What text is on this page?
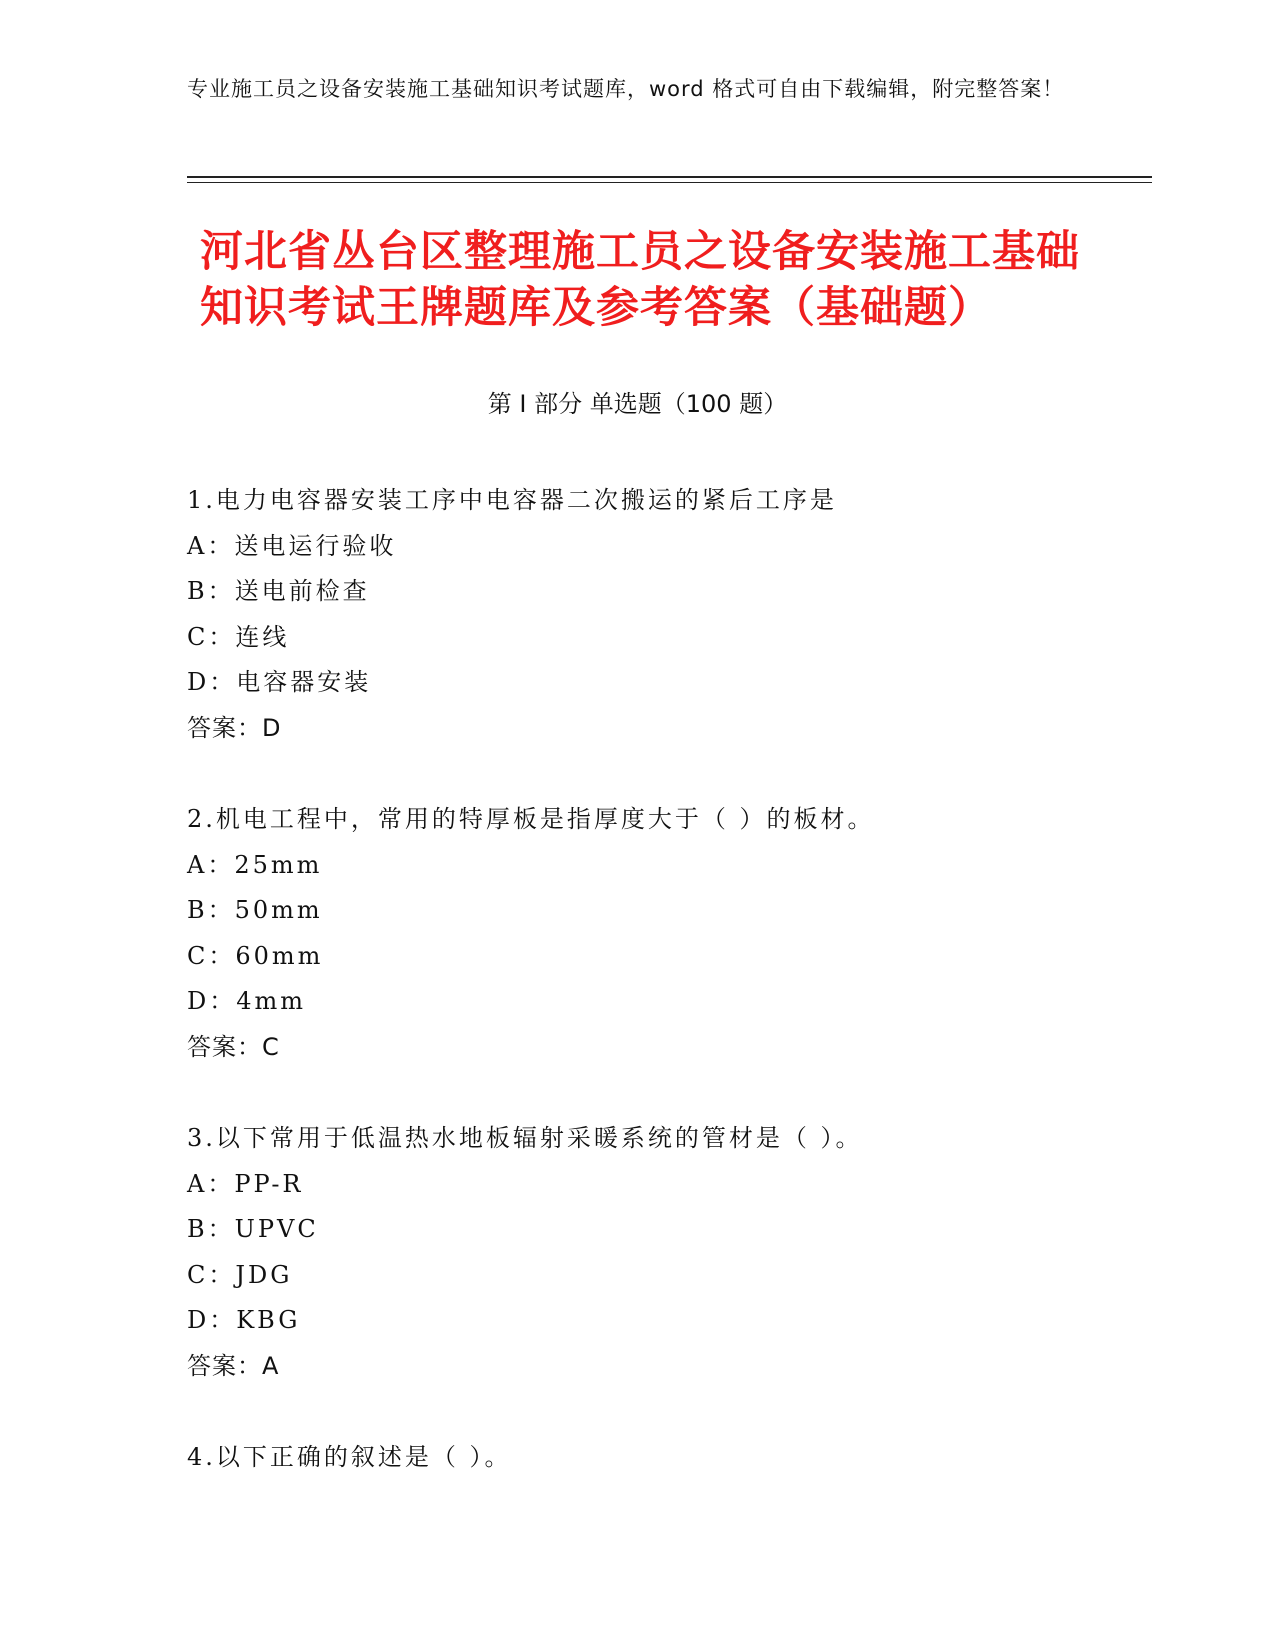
专业施工员之设备安装施工基础知识考试题库，word 格式可自由下载编辑，附完整答案！
河北省丛台区整理施工员之设备安装施工基础知识考试王牌题库及参考答案（基础题）
第 I 部分 单选题（100 题）
1.电力电容器安装工序中电容器二次搬运的紧后工序是
A：送电运行验收
B：送电前检查
C：连线
D：电容器安装
答案：D
2.机电工程中，常用的特厚板是指厚度大于（ ）的板材。
A：25mm
B：50mm
C：60mm
D：4mm
答案：C
3.以下常用于低温热水地板辐射采暖系统的管材是（ ）。
A：PP-R
B：UPVC
C：JDG
D：KBG
答案：A
4.以下正确的叙述是（ ）。
